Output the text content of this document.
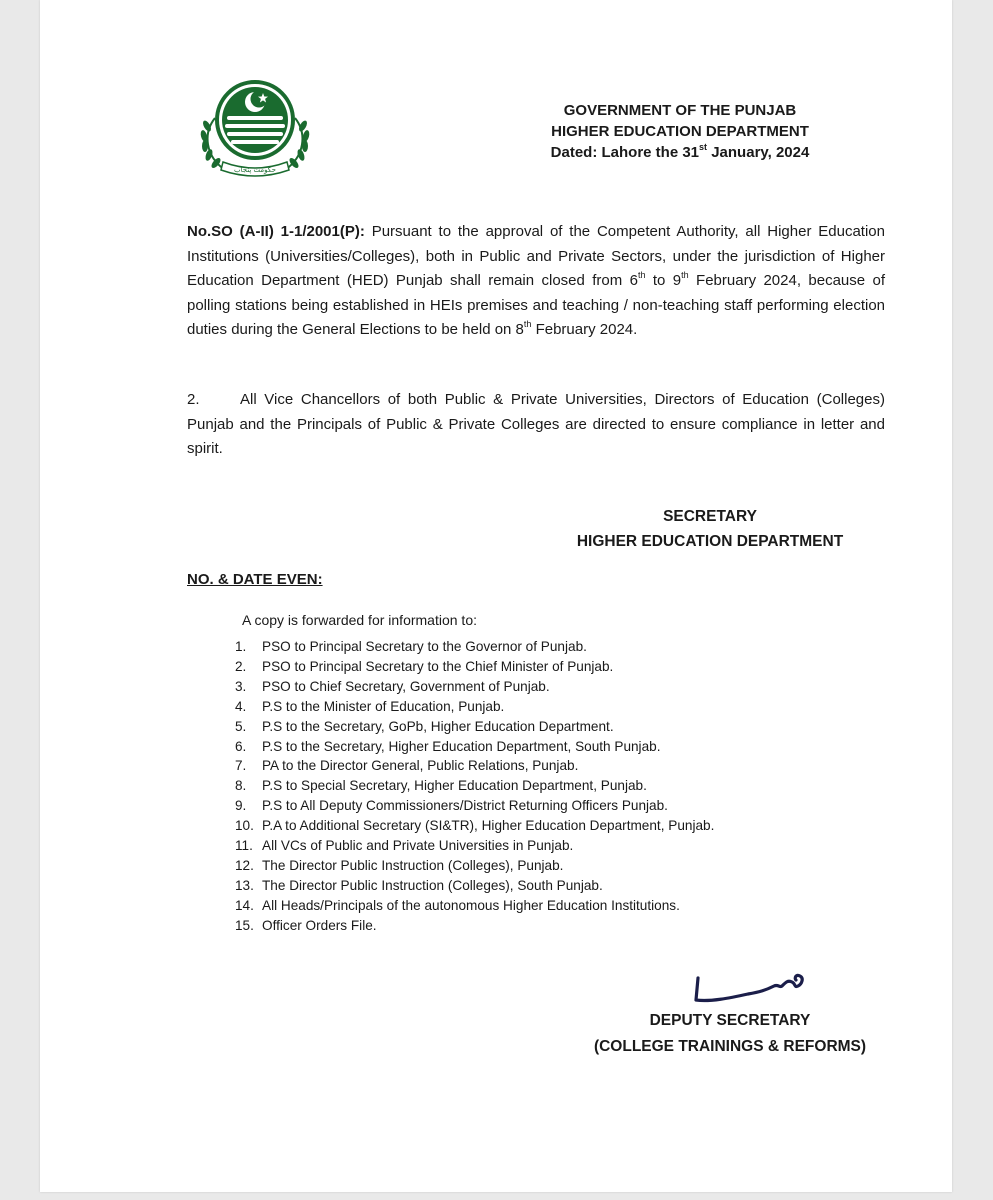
حکومت پنجاب
GOVERNMENT OF THE PUNJAB
HIGHER EDUCATION DEPARTMENT
Dated: Lahore the 31st January, 2024
No.SO (A-II) 1-1/2001(P): Pursuant to the approval of the Competent Authority, all Higher Education Institutions (Universities/Colleges), both in Public and Private Sectors, under the jurisdiction of Higher Education Department (HED) Punjab shall remain closed from 6th to 9th February 2024, because of polling stations being established in HEIs premises and teaching / non-teaching staff performing election duties during the General Elections to be held on 8th February 2024.
2.	All Vice Chancellors of both Public & Private Universities, Directors of Education (Colleges) Punjab and the Principals of Public & Private Colleges are directed to ensure compliance in letter and spirit.
SECRETARY
HIGHER EDUCATION DEPARTMENT
NO. & DATE EVEN:
A copy is forwarded for information to:
1. PSO to Principal Secretary to the Governor of Punjab.
2. PSO to Principal Secretary to the Chief Minister of Punjab.
3. PSO to Chief Secretary, Government of Punjab.
4. P.S to the Minister of Education, Punjab.
5. P.S to the Secretary, GoPb, Higher Education Department.
6. P.S to the Secretary, Higher Education Department, South Punjab.
7. PA to the Director General, Public Relations, Punjab.
8. P.S to Special Secretary, Higher Education Department, Punjab.
9. P.S to All Deputy Commissioners/District Returning Officers Punjab.
10. P.A to Additional Secretary (SI&TR), Higher Education Department, Punjab.
11. All VCs of Public and Private Universities in Punjab.
12. The Director Public Instruction (Colleges), Punjab.
13. The Director Public Instruction (Colleges), South Punjab.
14. All Heads/Principals of the autonomous Higher Education Institutions.
15. Officer Orders File.
DEPUTY SECRETARY
(COLLEGE TRAININGS & REFORMS)
